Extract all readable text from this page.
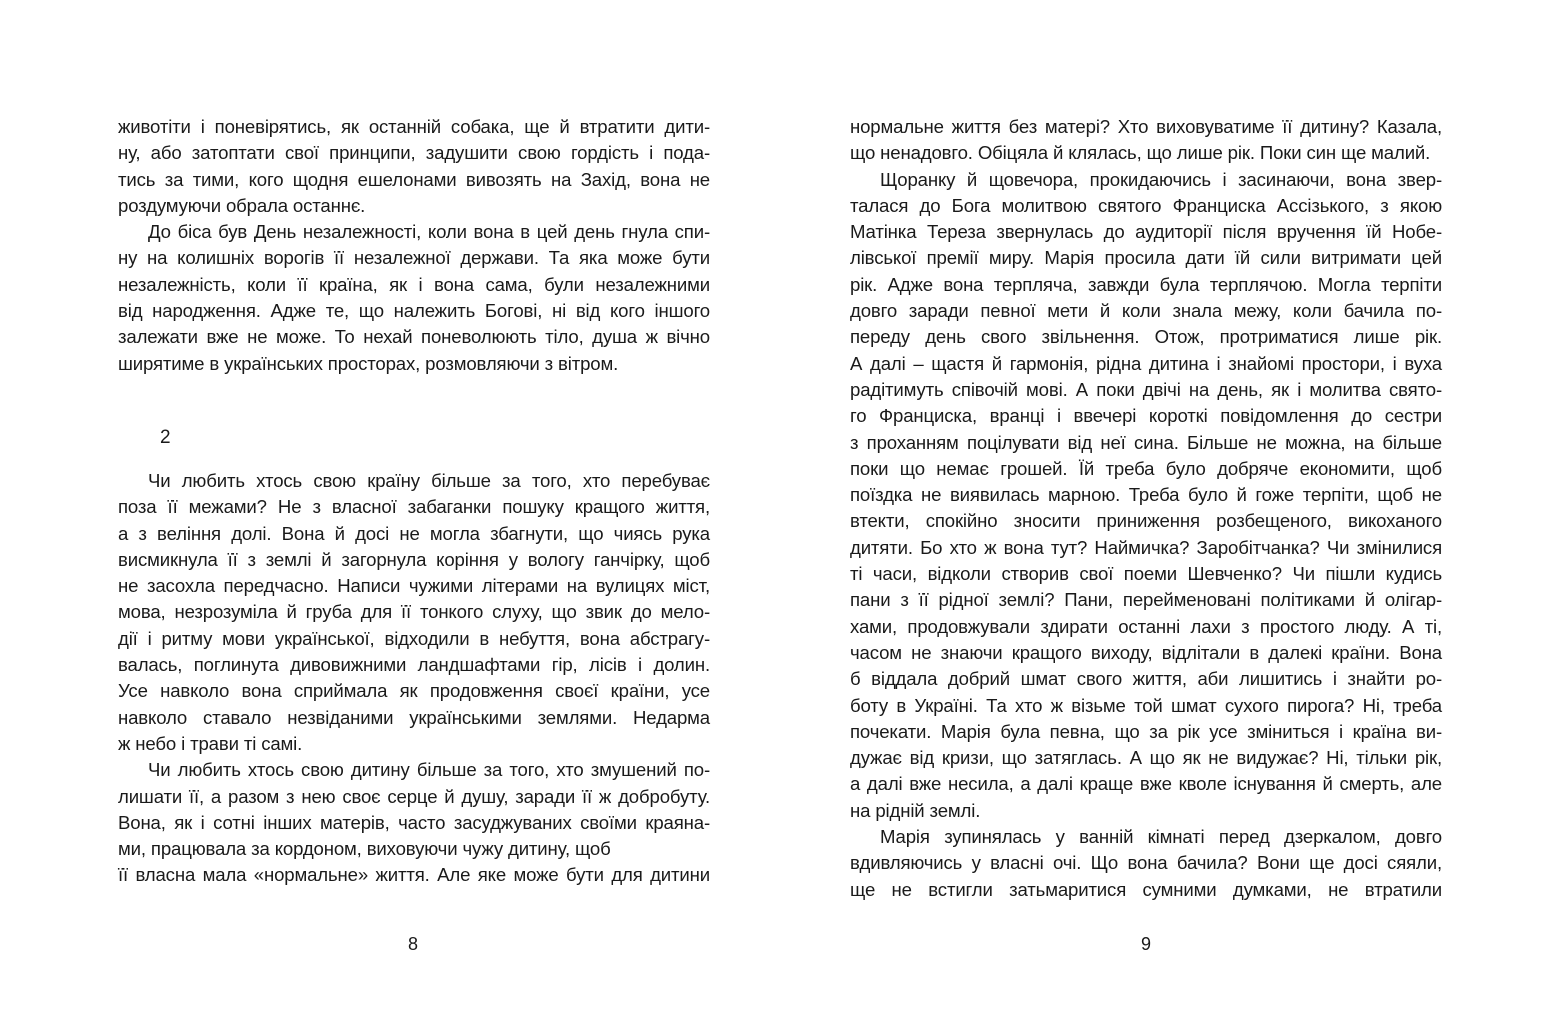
животіти і поневірятись, як останній собака, ще й втратити дити-
ну, або затоптати свої принципи, задушити свою гордість і пода-
тись за тими, кого щодня ешелонами вивозять на Захід, вона не
роздумуючи обрала останнє.
До біса був День незалежності, коли вона в цей день гнула спи-
ну на колишніх ворогів її незалежної держави. Та яка може бути
незалежність, коли її країна, як і вона сама, були незалежними
від народження. Адже те, що належить Богові, ні від кого іншого
залежати вже не може. То нехай поневолюють тіло, душа ж вічно
ширятиме в українських просторах, розмовляючи з вітром.
2
Чи любить хтось свою країну більше за того, хто перебуває
поза її межами? Не з власної забаганки пошуку кращого життя,
а з веління долі. Вона й досі не могла збагнути, що чиясь рука
висмикнула її з землі й загорнула коріння у вологу ганчірку, щоб
не засохла передчасно. Написи чужими літерами на вулицях міст,
мова, незрозуміла й груба для її тонкого слуху, що звик до мело-
дії і ритму мови української, відходили в небуття, вона абстрагу-
валась, поглинута дивовижними ландшафтами гір, лісів і долин.
Усе навколо вона сприймала як продовження своєї країни, усе
навколо ставало незвіданими українськими землями. Недарма
ж небо і трави ті самі.
Чи любить хтось свою дитину більше за того, хто змушений по-
лишати її, а разом з нею своє серце й душу, заради її ж добробуту.
Вона, як і сотні інших матерів, часто засуджуваних своїми краяна-
ми, працювала за кордоном, виховуючи чужу дитину, щоб
її власна мала «нормальне» життя. Але яке може бути для дитини
8
нормальне життя без матері? Хто виховуватиме її дитину? Казала,
що ненадовго. Обіцяла й клялась, що лише рік. Поки син ще малий.
Щоранку й щовечора, прокидаючись і засинаючи, вона звер-
талася до Бога молитвою святого Франциска Ассізького, з якою
Матінка Тереза звернулась до аудиторії після вручення їй Нобе-
лівської премії миру. Марія просила дати їй сили витримати цей
рік. Адже вона терпляча, завжди була терплячою. Могла терпіти
довго заради певної мети й коли знала межу, коли бачила по-
переду день свого звільнення. Отож, протриматися лише рік.
А далі – щастя й гармонія, рідна дитина і знайомі простори, і вуха
радітимуть співочій мові. А поки двічі на день, як і молитва свято-
го Франциска, вранці і ввечері короткі повідомлення до сестри
з проханням поцілувати від неї сина. Більше не можна, на більше
поки що немає грошей. Їй треба було добряче економити, щоб
поїздка не виявилась марною. Треба було й гоже терпіти, щоб не
втекти, спокійно зносити приниження розбещеного, викоханого
дитяти. Бо хто ж вона тут? Наймичка? Заробітчанка? Чи змінилися
ті часи, відколи створив свої поеми Шевченко? Чи пішли кудись
пани з її рідної землі? Пани, перейменовані політиками й олігар-
хами, продовжували здирати останні лахи з простого люду. А ті,
часом не знаючи кращого виходу, відлітали в далекі країни. Вона
б віддала добрий шмат свого життя, аби лишитись і знайти ро-
боту в Україні. Та хто ж візьме той шмат сухого пирога? Ні, треба
почекати. Марія була певна, що за рік усе зміниться і країна ви-
дужає від кризи, що затяглась. А що як не видужає? Ні, тільки рік,
а далі вже несила, а далі краще вже кволе існування й смерть, але
на рідній землі.
Марія зупинялась у ванній кімнаті перед дзеркалом, довго
вдивляючись у власні очі. Що вона бачила? Вони ще досі сяяли,
ще не встигли затьмаритися сумними думками, не втратили
9
